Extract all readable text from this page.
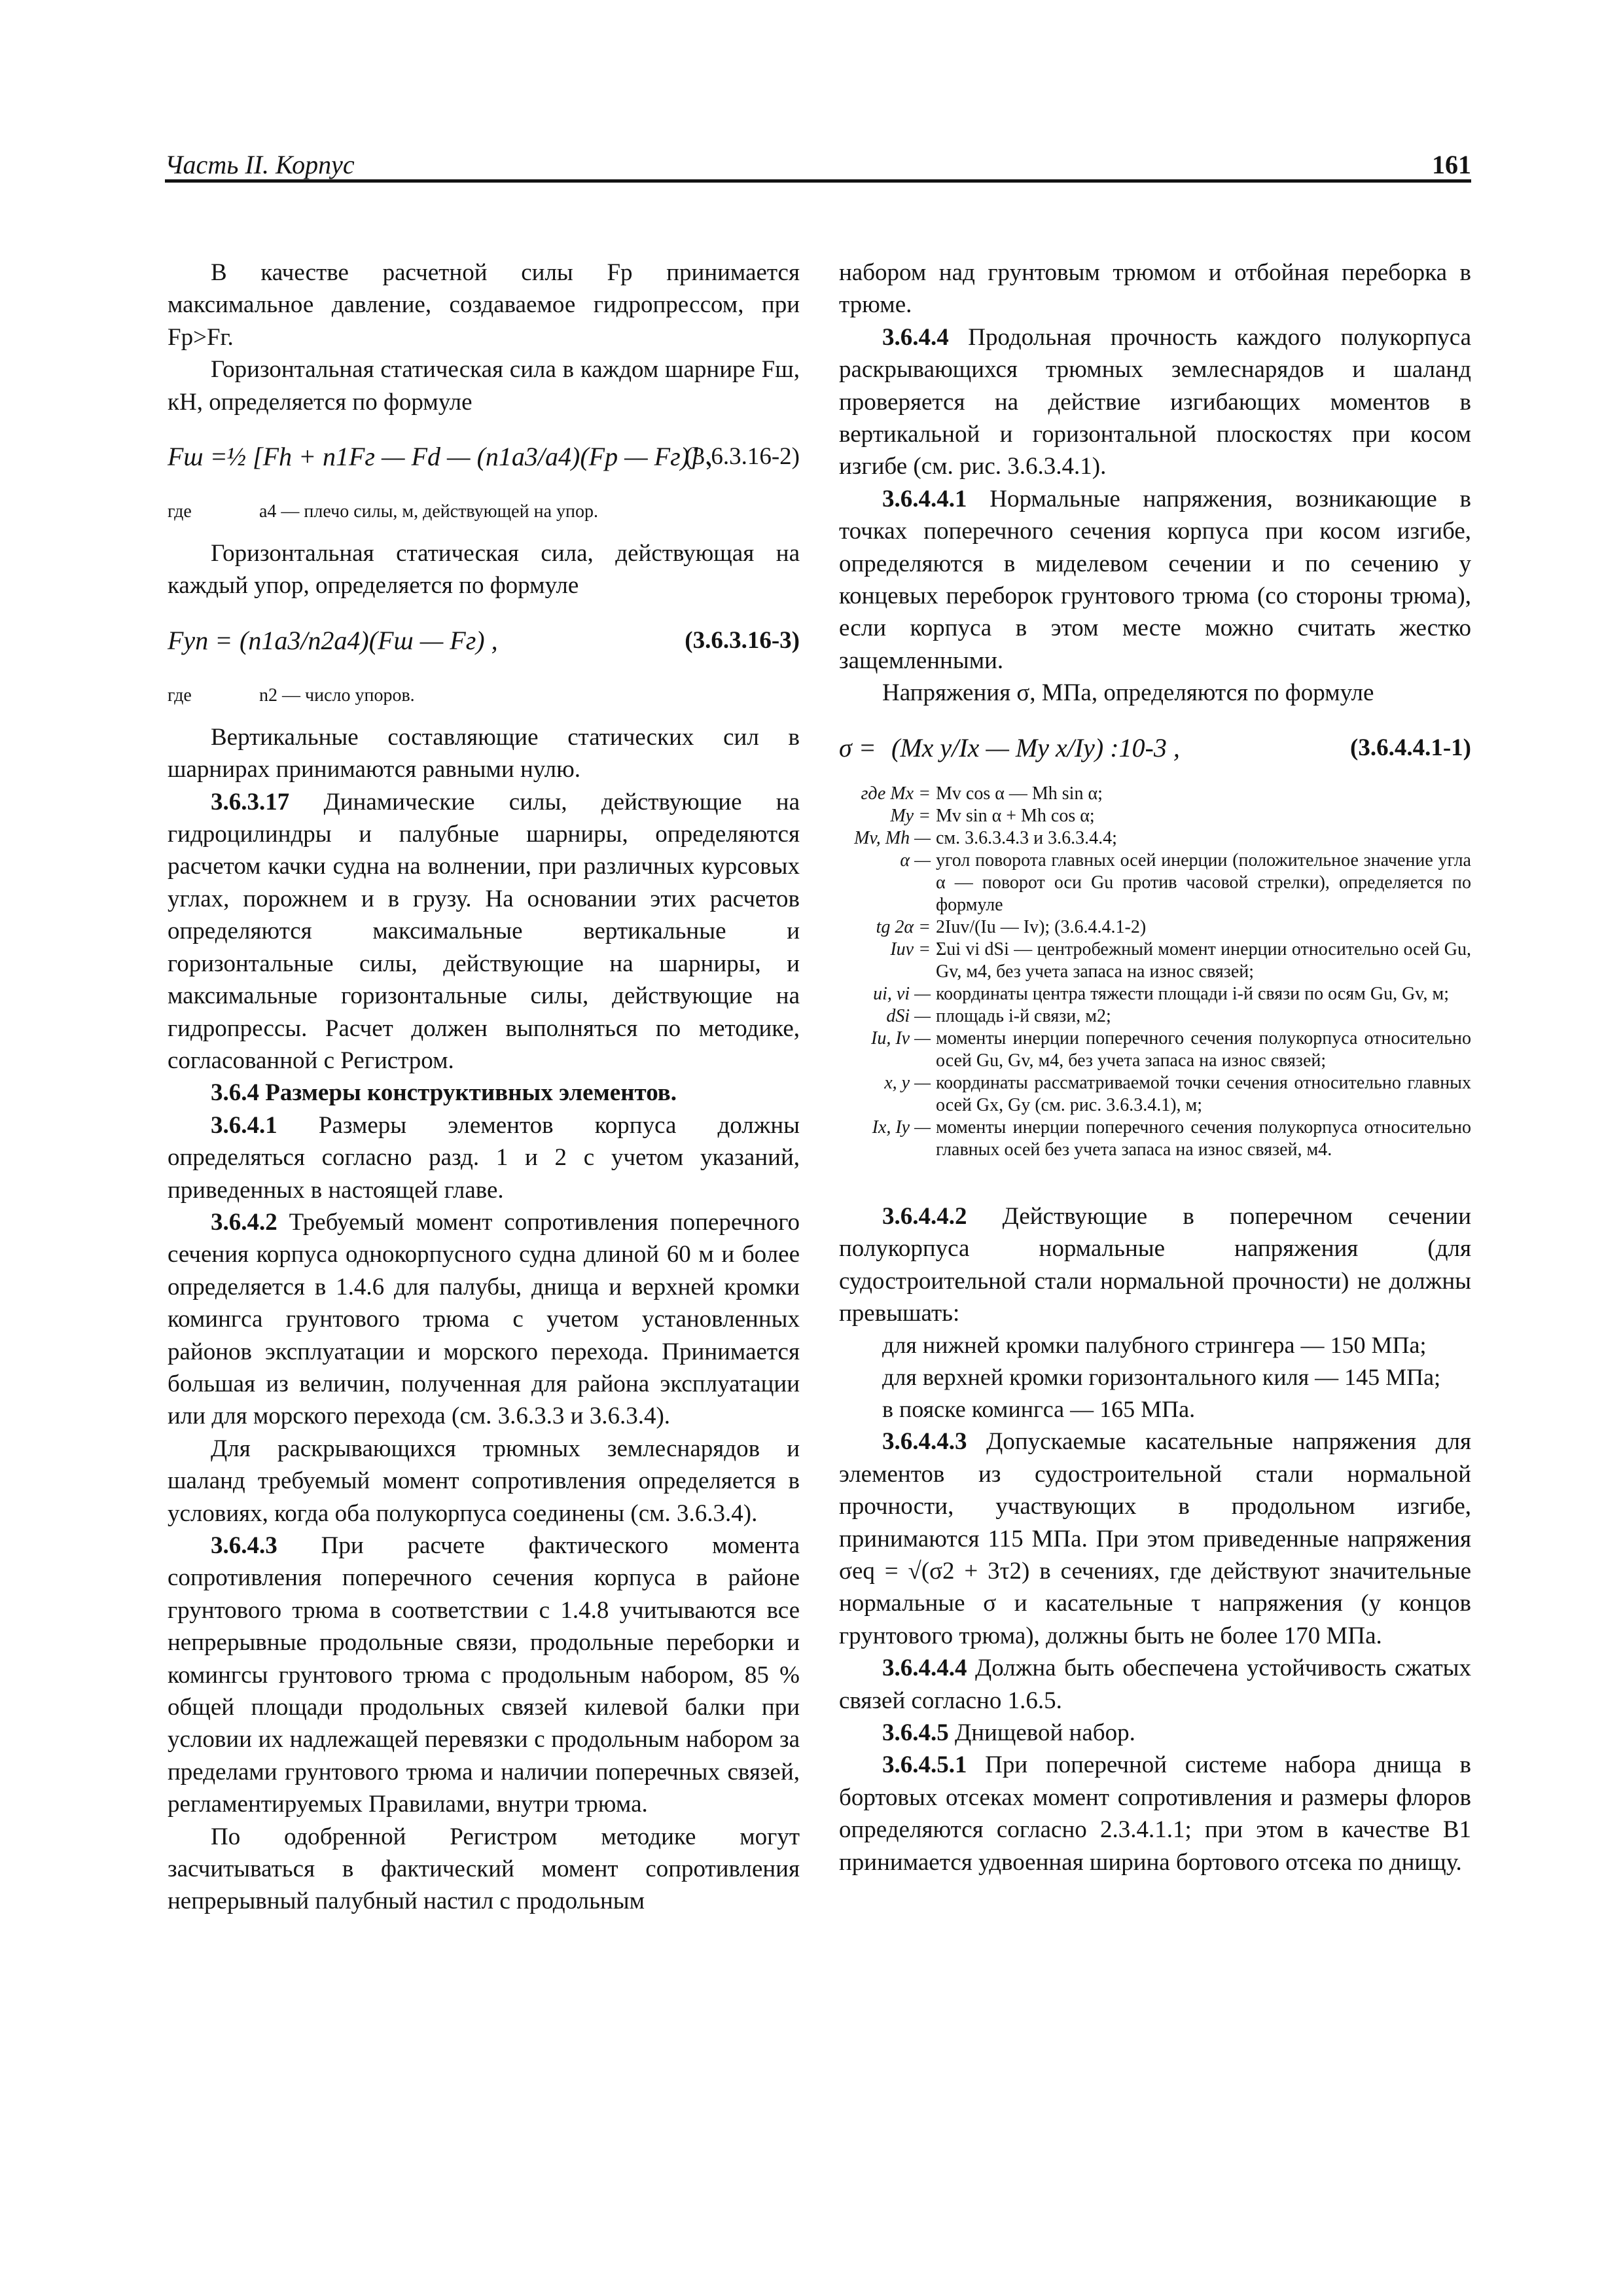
Часть II. Корпус	161

В качестве расчетной силы Fр принимается максимальное давление, создаваемое гидропрессом, при Fр>Fг.

Горизонтальная статическая сила в каждом шарнире Fш, кН, определяется по формуле

Fш =
½ [Fh + n1Fг — Fd — (n1a3/a4)(Fр — Fг)] ,
(3.6.3.16-2)
где	a4 — плечо силы, м, действующей на упор.

Горизонтальная статическая сила, действующая на каждый упор, определяется по формуле

Fуп = (n1a3/n2a4)(Fш — Fг) ,	(3.6.3.16-3)
где	n2 — число упоров.

Вертикальные составляющие статических сил в шарнирах принимаются равными нулю.

3.6.3.17 Динамические силы, действующие на гидроцилиндры и палубные шарниры, определяются расчетом качки судна на волнении, при различных курсовых углах, порожнем и в грузу. На основании этих расчетов определяются максимальные вертикальные и горизонтальные силы, действующие на шарниры, и максимальные горизонтальные силы, действующие на гидропрессы. Расчет должен выполняться по методике, согласованной с Регистром.

3.6.4 Размеры конструктивных элементов.

3.6.4.1 Размеры элементов корпуса должны определяться согласно разд. 1 и 2 с учетом указаний, приведенных в настоящей главе.

3.6.4.2 Требуемый момент сопротивления поперечного сечения корпуса однокорпусного судна длиной 60 м и более определяется в 1.4.6 для палубы, днища и верхней кромки комингса грунтового трюма с учетом установленных районов эксплуатации и морского перехода. Принимается большая из величин, полученная для района эксплуатации или для морского перехода (см. 3.6.3.3 и 3.6.3.4).

Для раскрывающихся трюмных землеснарядов и шаланд требуемый момент сопротивления определяется в условиях, когда оба полукорпуса соединены (см. 3.6.3.4).

3.6.4.3 При расчете фактического момента сопротивления поперечного сечения корпуса в районе грунтового трюма в соответствии с 1.4.8 учитываются все непрерывные продольные связи, продольные переборки и комингсы грунтового трюма с продольным набором, 85 % общей площади продольных связей килевой балки при условии их надлежащей перевязки с продольным набором за пределами грунтового трюма и наличии поперечных связей, регламентируемых Правилами, внутри трюма.

По одобренной Регистром методике могут засчитываться в фактический момент сопротивления непрерывный палубный настил с продольным

набором над грунтовым трюмом и отбойная переборка в трюме.

3.6.4.4 Продольная прочность каждого полукорпуса раскрывающихся трюмных землеснарядов и шаланд проверяется на действие изгибающих моментов в вертикальной и горизонтальной плоскостях при косом изгибе (см. рис. 3.6.3.4.1).

3.6.4.4.1 Нормальные напряжения, возникающие в точках поперечного сечения корпуса при косом изгибе, определяются в миделевом сечении и по сечению у концевых переборок грунтового трюма (со стороны трюма), если корпуса в этом месте можно считать жестко защемленными.

Напряжения σ, МПа, определяются по формуле

σ = (Mx y/Ix — My x/Iy) :10-3 ,	(3.6.4.4.1-1)
где Mx = Mv cos α — Mh sin α;
My = Mv sin α + Mh cos α;
Mv, Mh — см. 3.6.3.4.3 и 3.6.3.4.4;
α — угол поворота главных осей инерции (положительное значение угла α — поворот оси Gu против часовой стрелки), определяется по формуле
tg 2α = 2Iuv/(Iu — Iv); (3.6.4.4.1-2)
Iuv = Σui vi dSi — центробежный момент инерции относительно осей Gu, Gv, м4, без учета запаса на износ связей;
ui, vi — координаты центра тяжести площади i-й связи по осям Gu, Gv, м;
dSi — площадь i-й связи, м2;
Iu, Iv — моменты инерции поперечного сечения полукорпуса относительно осей Gu, Gv, м4, без учета запаса на износ связей;
x, y — координаты рассматриваемой точки сечения относительно главных осей Gx, Gy (см. рис. 3.6.3.4.1), м;
Ix, Iy — моменты инерции поперечного сечения полукорпуса относительно главных осей без учета запаса на износ связей, м4.

3.6.4.4.2 Действующие в поперечном сечении полукорпуса нормальные напряжения (для судостроительной стали нормальной прочности) не должны превышать:

для нижней кромки палубного стрингера — 150 МПа;
для верхней кромки горизонтального киля — 145 МПа;
в пояске комингса — 165 МПа.

3.6.4.4.3 Допускаемые касательные напряжения для элементов из судостроительной стали нормальной прочности, участвующих в продольном изгибе, принимаются 115 МПа. При этом приведенные напряжения σeq = √(σ2 + 3τ2) в сечениях, где действуют значительные нормальные σ и касательные τ напряжения (у концов грунтового трюма), должны быть не более 170 МПа.

3.6.4.4.4 Должна быть обеспечена устойчивость сжатых связей согласно 1.6.5.

3.6.4.5 Днищевой набор.

3.6.4.5.1 При поперечной системе набора днища в бортовых отсеках момент сопротивления и размеры флоров определяются согласно 2.3.4.1.1; при этом в качестве B1 принимается удвоенная ширина бортового отсека по днищу.
